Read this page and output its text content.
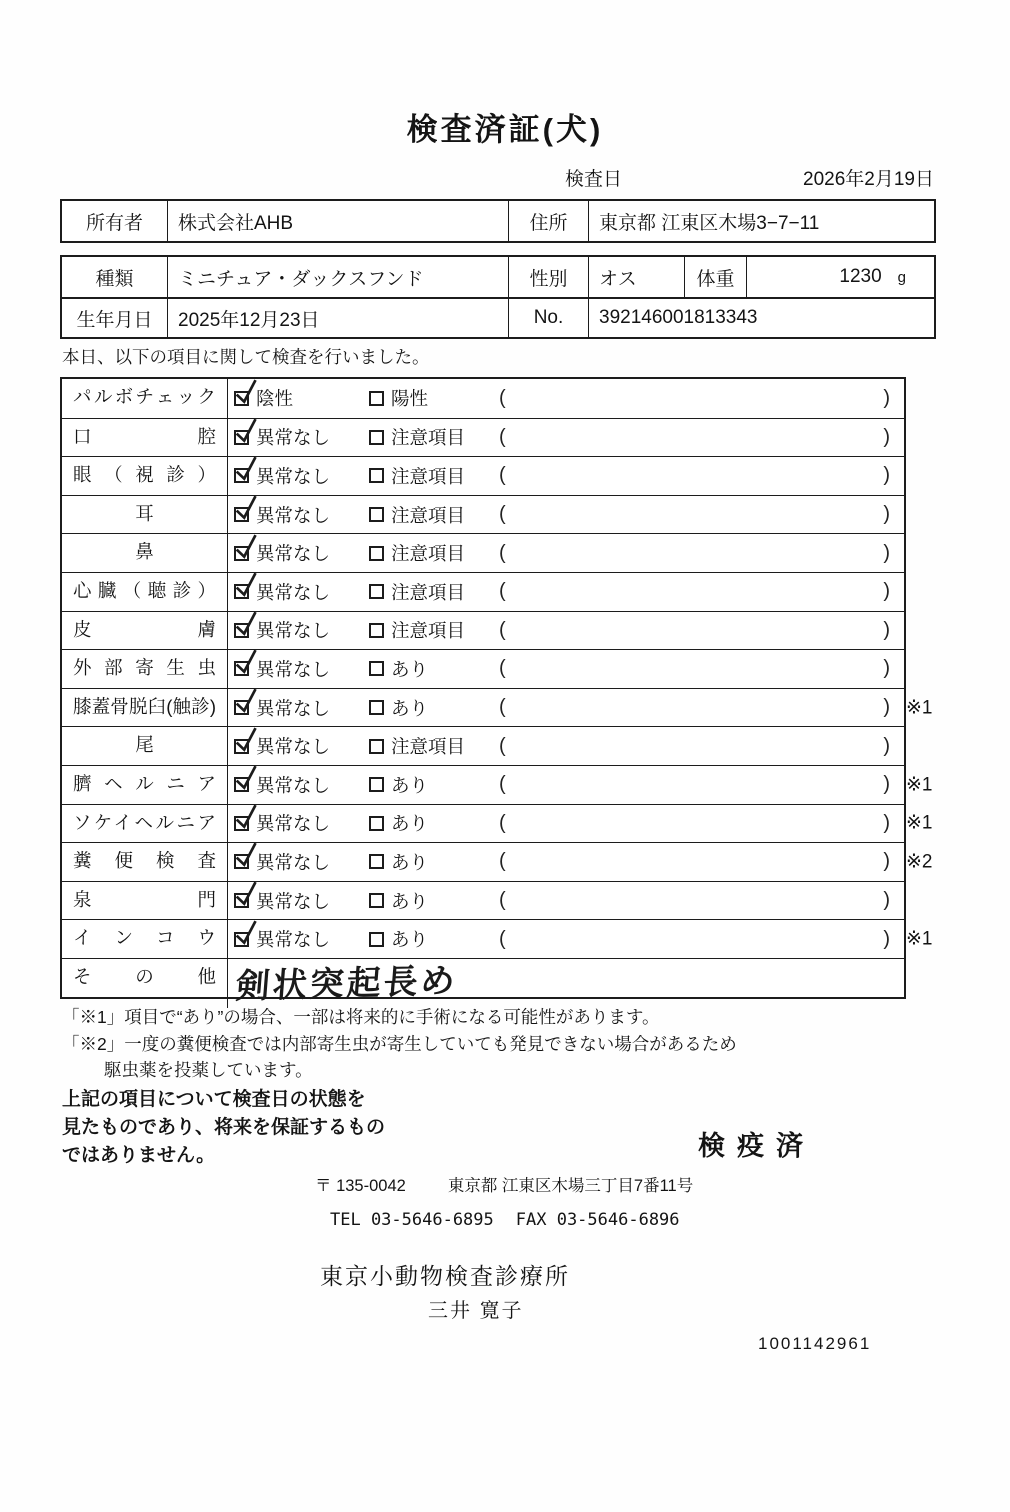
検査済証(犬)
検査日	2026年2月19日
所有者	株式会社AHB	住所	東京都 江東区木場3−7−11
種類	ミニチュア・ダックスフンド	性別	オス	体重	1230 g
生年月日	2025年12月23日	No.	392146001813343
本日、以下の項目に関して検査を行いました。
パルボチェック	陰性	陽性	(	)
口腔	異常なし	注意項目 (	)
眼（視診）	異常なし	注意項目 (	)
耳	異常なし	注意項目 (	)
鼻	異常なし	注意項目 (	)
心臓（聴診）	異常なし	注意項目 (	)
皮膚	異常なし	注意項目 (	)
外部寄生虫	異常なし	あり	(	)
膝蓋骨脱臼(触診)	異常なし	あり	(	) ※1
尾	異常なし	注意項目 (	)
臍ヘルニア	異常なし	あり	(	) ※1
ソケイヘルニア	異常なし	あり	(	) ※1
糞便検査	異常なし	あり	(	) ※2
泉門	異常なし	あり	(	)
インコウ	異常なし	あり	(	) ※1
その他 剣状突起長め
「※1」項目で“あり”の場合、一部は将来的に手術になる可能性があります。
「※2」一度の糞便検査では内部寄生虫が寄生していても発見できない場合があるため
駆虫薬を投薬しています。
上記の項目について検査日の状態を
見たものであり、将来を保証するもの
ではありません。	検疫済
〒 135-0042	東京都 江東区木場三丁目7番11号
TEL 03-5646-6895 FAX 03-5646-6896
東京小動物検査診療所
三井 寛子
1001142961
